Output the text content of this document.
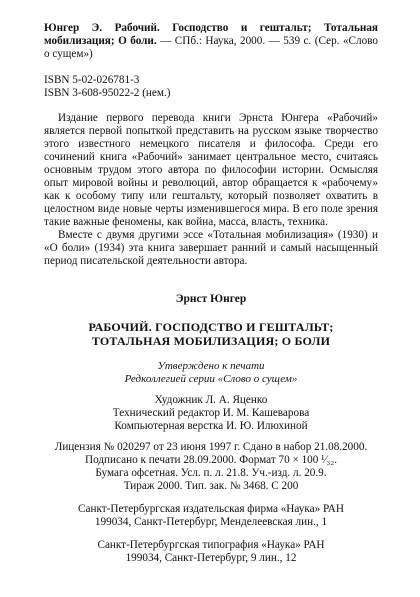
Юнгер Э. Рабочий. Господство и гештальт; Тотальная мобилизация; О боли. — СПб.: Наука, 2000. — 539 с. (Сер. «Слово о сущем»)

ISBN 5-02-026781-3
ISBN 3-608-95022-2 (нем.)

Издание первого перевода книги Эрнста Юнгера «Рабочий» является первой попыткой представить на русском языке творчество этого известного немецкого писателя и философа. Среди его сочинений книга «Рабочий» занимает центральное место, считаясь основным трудом этого автора по философии истории. Осмысляя опыт мировой войны и революций, автор обращается к «рабочему» как к особому типу или гештальту, который позволяет охватить в целостном виде новые черты изменившегося мира. В его поле зрения такие важные феномены, как война, масса, власть, техника.

Вместе с двумя другими эссе «Тотальная мобилизация» (1930) и «О боли» (1934) эта книга завершает ранний и самый насыщенный период писательской деятельности автора.

Эрнст Юнгер
РАБОЧИЙ. ГОСПОДСТВО И ГЕШТАЛЬТ;
ТОТАЛЬНАЯ МОБИЛИЗАЦИЯ; О БОЛИ
Утверждено к печати
Редколлегией серии «Слово о сущем»
Художник Л. А. Яценко
Технический редактор И. М. Кашеварова
Компьютерная верстка И. Ю. Илюхиной
Лицензия № 020297 от 23 июня 1997 г. Сдано в набор 21.08.2000.
Подписано к печати 28.09.2000. Формат 70 × 100 ¹⁄₃₂.
Бумага офсетная. Усл. п. л. 21.8. Уч.-изд. л. 20.9.
Тираж 2000. Тип. зак. № 3468. С 200
Санкт-Петербургская издательская фирма «Наука» РАН
199034, Санкт-Петербург, Менделеевская лин., 1
Санкт-Петербургская типография «Наука» РАН
199034, Санкт-Петербург, 9 лин., 12
